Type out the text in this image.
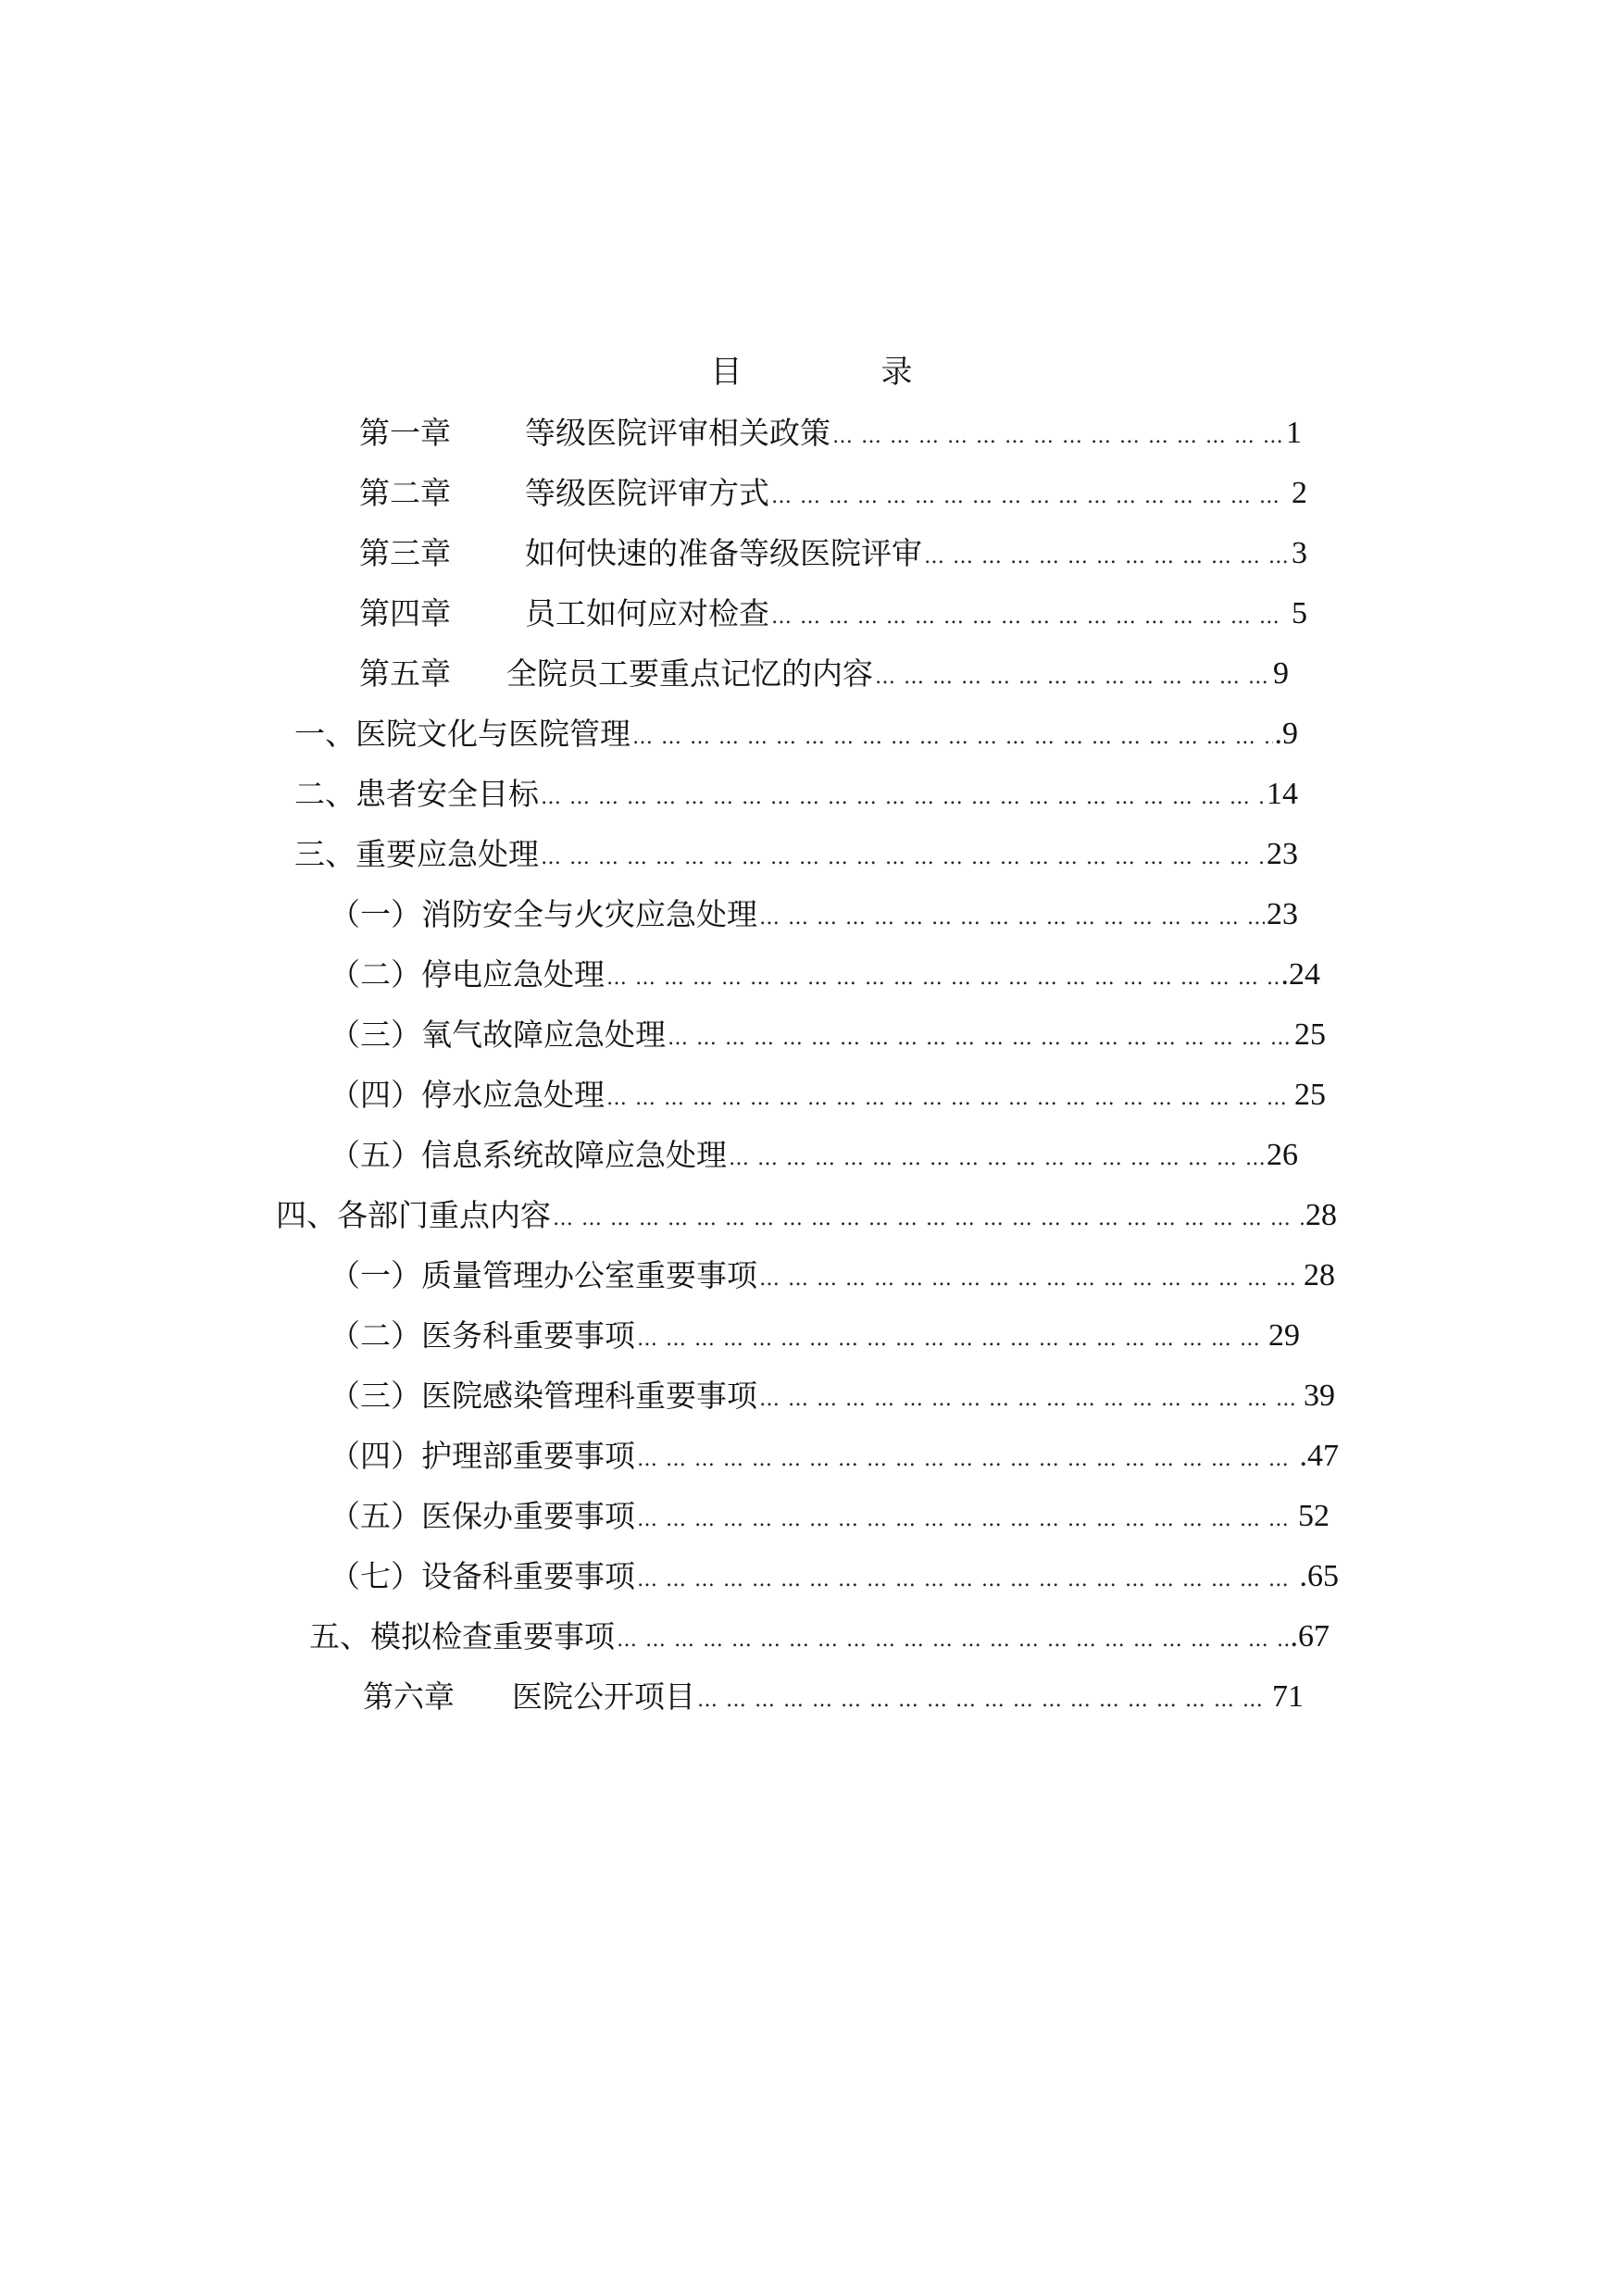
目	录
第一章 等级医院评审相关政策 … … … … … … … … … … … … … … … … … … … … … … … … … … … … … … … … … … … … … … … … … … … … …	1
第二章 等级医院评审方式 … … … … … … … … … … … … … … … … … … … … … … … … … … … … … … … … … … … … … … … … … … … … …	2
第三章 如何快速的准备等级医院评审 … … … … … … … … … … … … … … … … … … … … … … … … … … … … … … … … … … … … … … … … … … … … …	3
第四章 员工如何应对检查 … … … … … … … … … … … … … … … … … … … … … … … … … … … … … … … … … … … … … … … … … … … … …	5
第五章 全院员工要重点记忆的内容 … … … … … … … … … … … … … … … … … … … … … … … … … … … … … … … … … … … … … … … … … … … … …	9
一、医院文化与医院管理 … … … … … … … … … … … … … … … … … … … … … … … … … … … … … … … … … … … … … … … … … … … … …	.9
二、患者安全目标 … … … … … … … … … … … … … … … … … … … … … … … … … … … … … … … … … … … … … … … … … … … … …	14
三、重要应急处理 … … … … … … … … … … … … … … … … … … … … … … … … … … … … … … … … … … … … … … … … … … … … …	23
（一）消防安全与火灾应急处理 … … … … … … … … … … … … … … … … … … … … … … … … … … … … … … … … … … … … … … … … … … … … …	23
（二）停电应急处理 … … … … … … … … … … … … … … … … … … … … … … … … … … … … … … … … … … … … … … … … … … … … …	.24
（三）氧气故障应急处理 … … … … … … … … … … … … … … … … … … … … … … … … … … … … … … … … … … … … … … … … … … … … …	25
（四）停水应急处理 … … … … … … … … … … … … … … … … … … … … … … … … … … … … … … … … … … … … … … … … … … … … …	25
（五）信息系统故障应急处理 … … … … … … … … … … … … … … … … … … … … … … … … … … … … … … … … … … … … … … … … … … … … …	26
四、各部门重点内容 … … … … … … … … … … … … … … … … … … … … … … … … … … … … … … … … … … … … … … … … … … … … …	28
（一）质量管理办公室重要事项 … … … … … … … … … … … … … … … … … … … … … … … … … … … … … … … … … … … … … … … … … … … … …	28
（二）医务科重要事项 … … … … … … … … … … … … … … … … … … … … … … … … … … … … … … … … … … … … … … … … … … … … …	29
（三）医院感染管理科重要事项 … … … … … … … … … … … … … … … … … … … … … … … … … … … … … … … … … … … … … … … … … … … … …	39
（四）护理部重要事项 … … … … … … … … … … … … … … … … … … … … … … … … … … … … … … … … … … … … … … … … … … … … …	.47
（五）医保办重要事项 … … … … … … … … … … … … … … … … … … … … … … … … … … … … … … … … … … … … … … … … … … … … …	52
（七）设备科重要事项 … … … … … … … … … … … … … … … … … … … … … … … … … … … … … … … … … … … … … … … … … … … … …	.65
五、模拟检查重要事项 … … … … … … … … … … … … … … … … … … … … … … … … … … … … … … … … … … … … … … … … … … … … …	.67
第六章 医院公开项目 … … … … … … … … … … … … … … … … … … … … … … … … … … … … … … … … … … … … … … … … … … … … …	71
